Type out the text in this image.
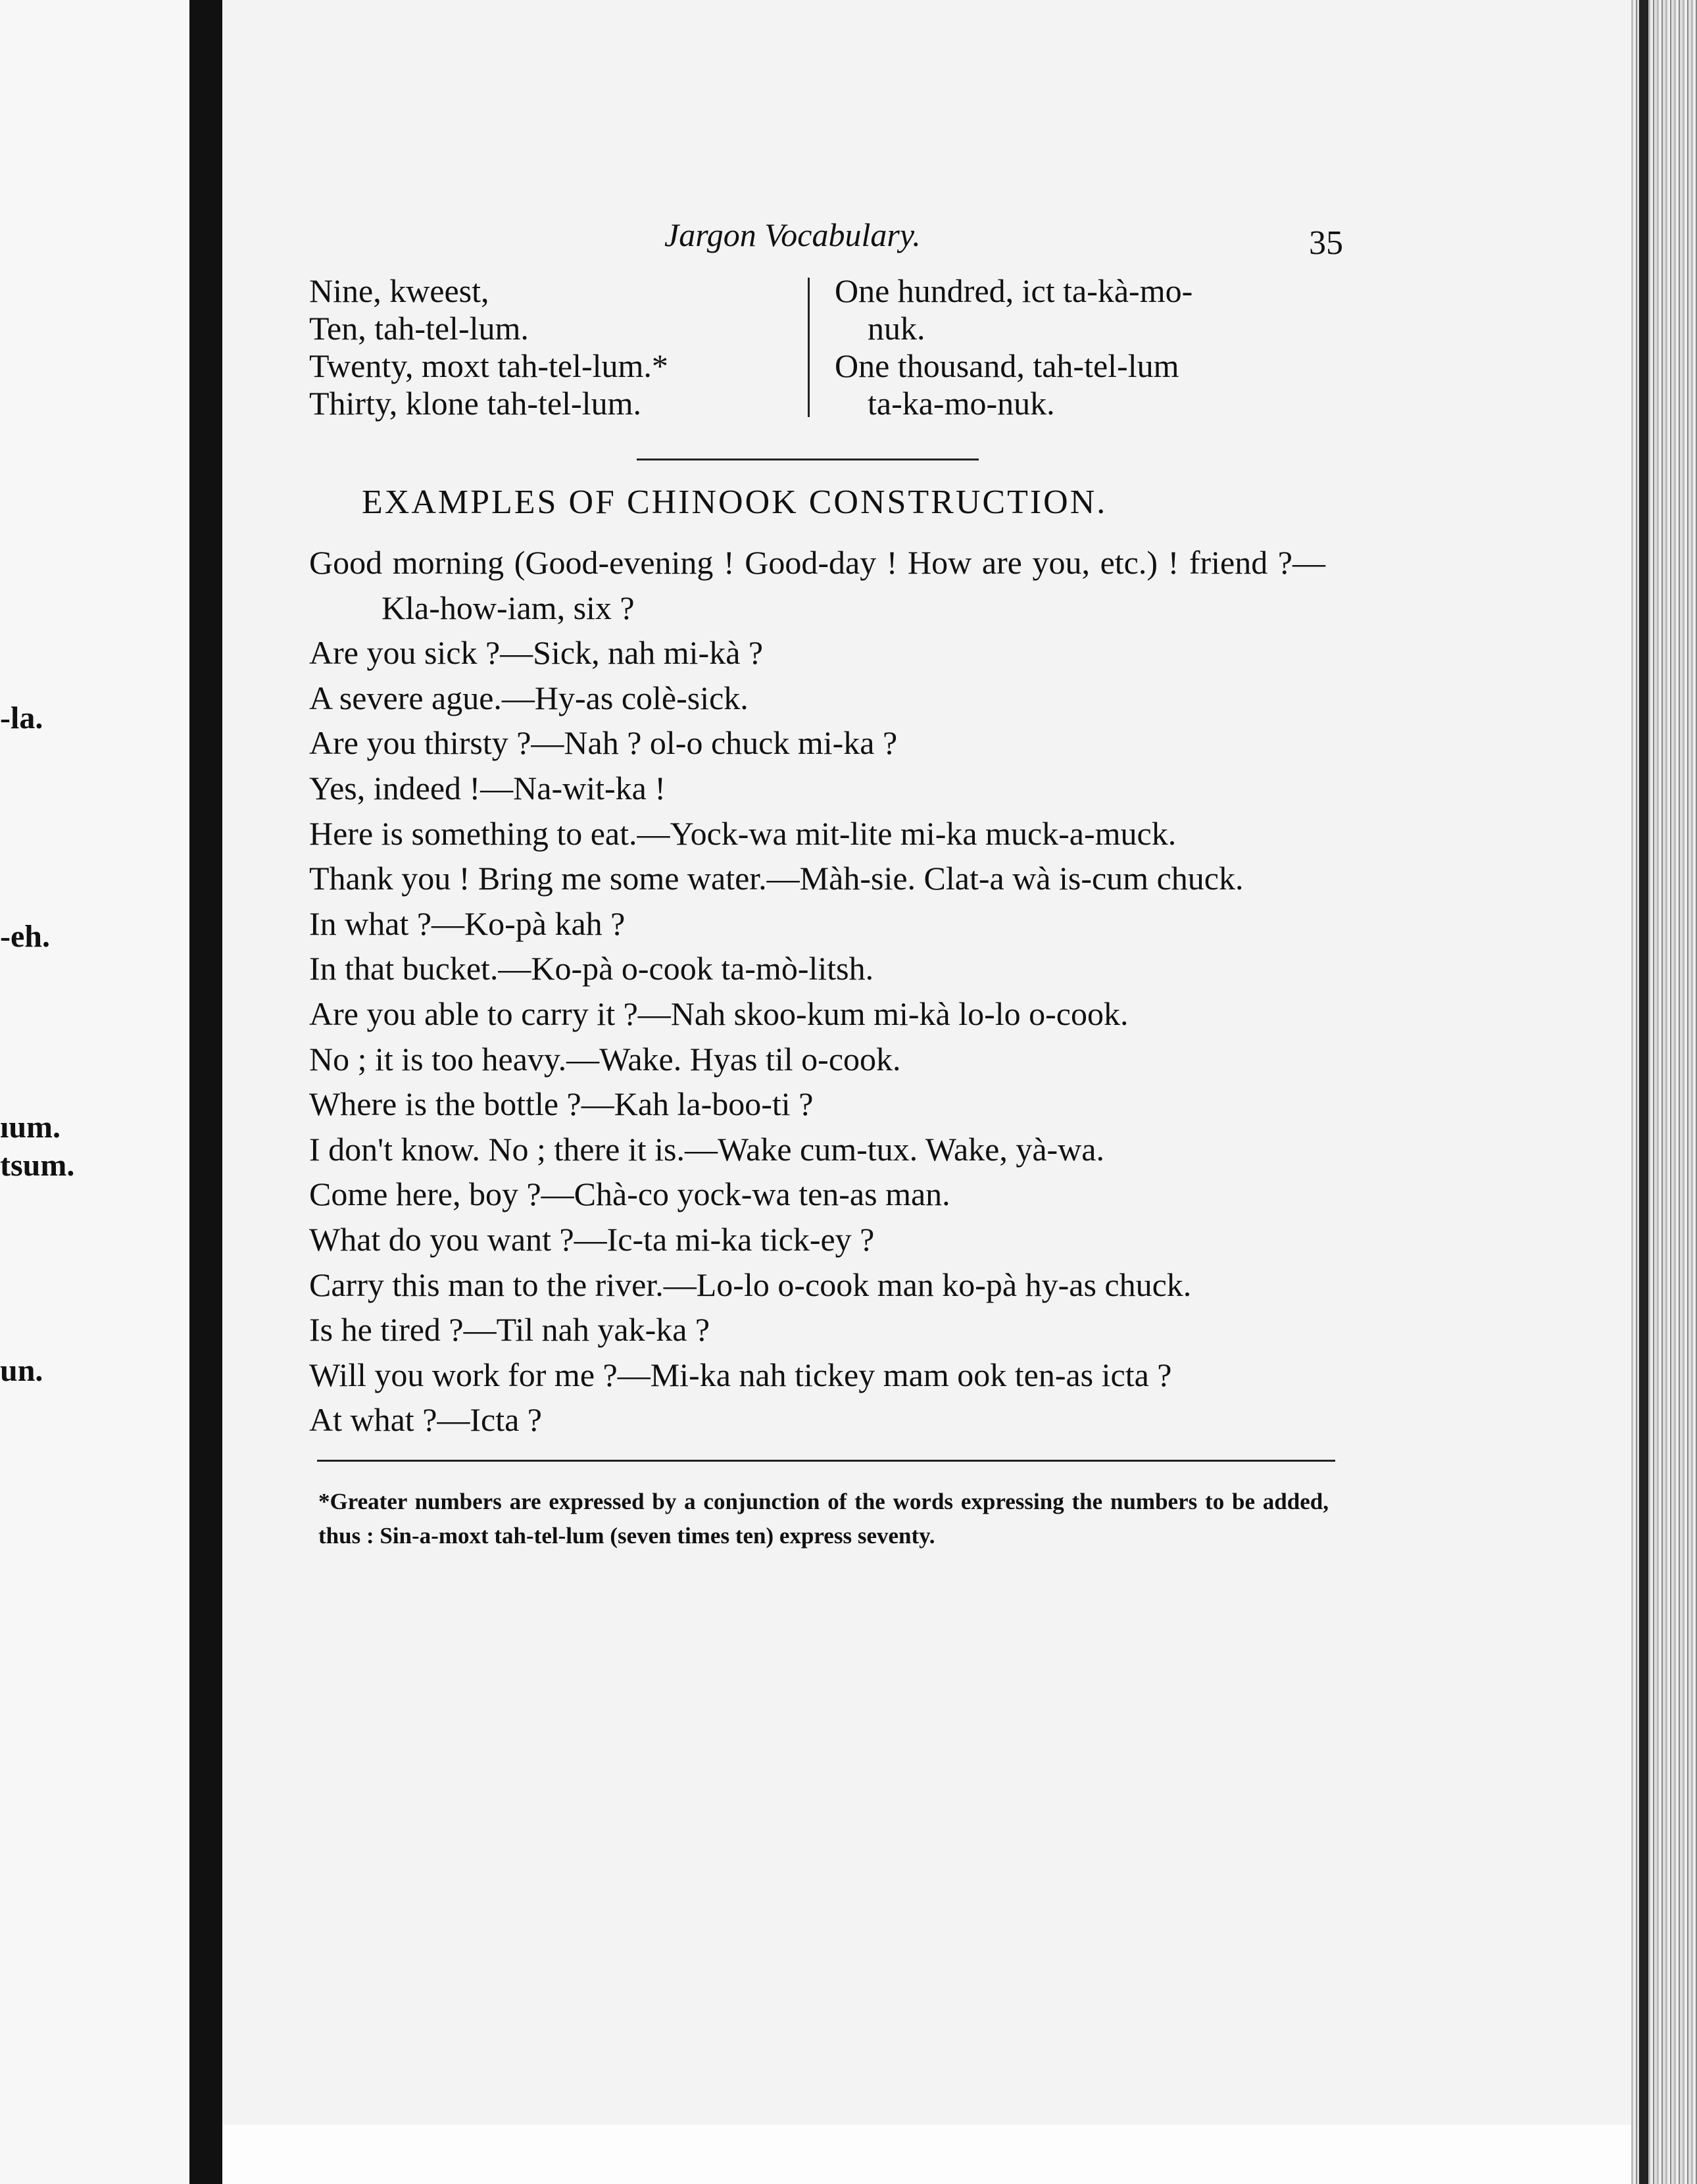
-la.
-eh.
ıum.
tsum.
un.
Jargon Vocabulary.	35

Nine, kweest,

Ten, tah-tel-lum.

Twenty, moxt tah-tel-lum.*

Thirty, klone tah-tel-lum.

One hundred, ict ta-kà-mo-
nuk.

One thousand, tah-tel-lum
ta-ka-mo-nuk.

EXAMPLES OF CHINOOK CONSTRUCTION.

Good morning (Good-evening ! Good-day ! How are you, etc.) ! friend ?—Kla-how-iam, six ?

Are you sick ?—Sick, nah mi-kà ?

A severe ague.—Hy-as colè-sick.

Are you thirsty ?—Nah ? ol-o chuck mi-ka ?

Yes, indeed !—Na-wit-ka !

Here is something to eat.—Yock-wa mit-lite mi-ka muck-a-muck.

Thank you ! Bring me some water.—Màh-sie. Clat-a wà is-cum chuck.

In what ?—Ko-pà kah ?

In that bucket.—Ko-pà o-cook ta-mò-litsh.

Are you able to carry it ?—Nah skoo-kum mi-kà lo-lo o-cook.

No ; it is too heavy.—Wake. Hyas til o-cook.

Where is the bottle ?—Kah la-boo-ti ?

I don't know. No ; there it is.—Wake cum-tux. Wake, yà-wa.

Come here, boy ?—Chà-co yock-wa ten-as man.

What do you want ?—Ic-ta mi-ka tick-ey ?

Carry this man to the river.—Lo-lo o-cook man ko-pà hy-as chuck.

Is he tired ?—Til nah yak-ka ?

Will you work for me ?—Mi-ka nah tickey mam ook ten-as icta ?

At what ?—Icta ?

*Greater numbers are expressed by a conjunction of the words expressing the numbers to be added, thus : Sin-a-moxt tah-tel-lum (seven times ten) express seventy.
